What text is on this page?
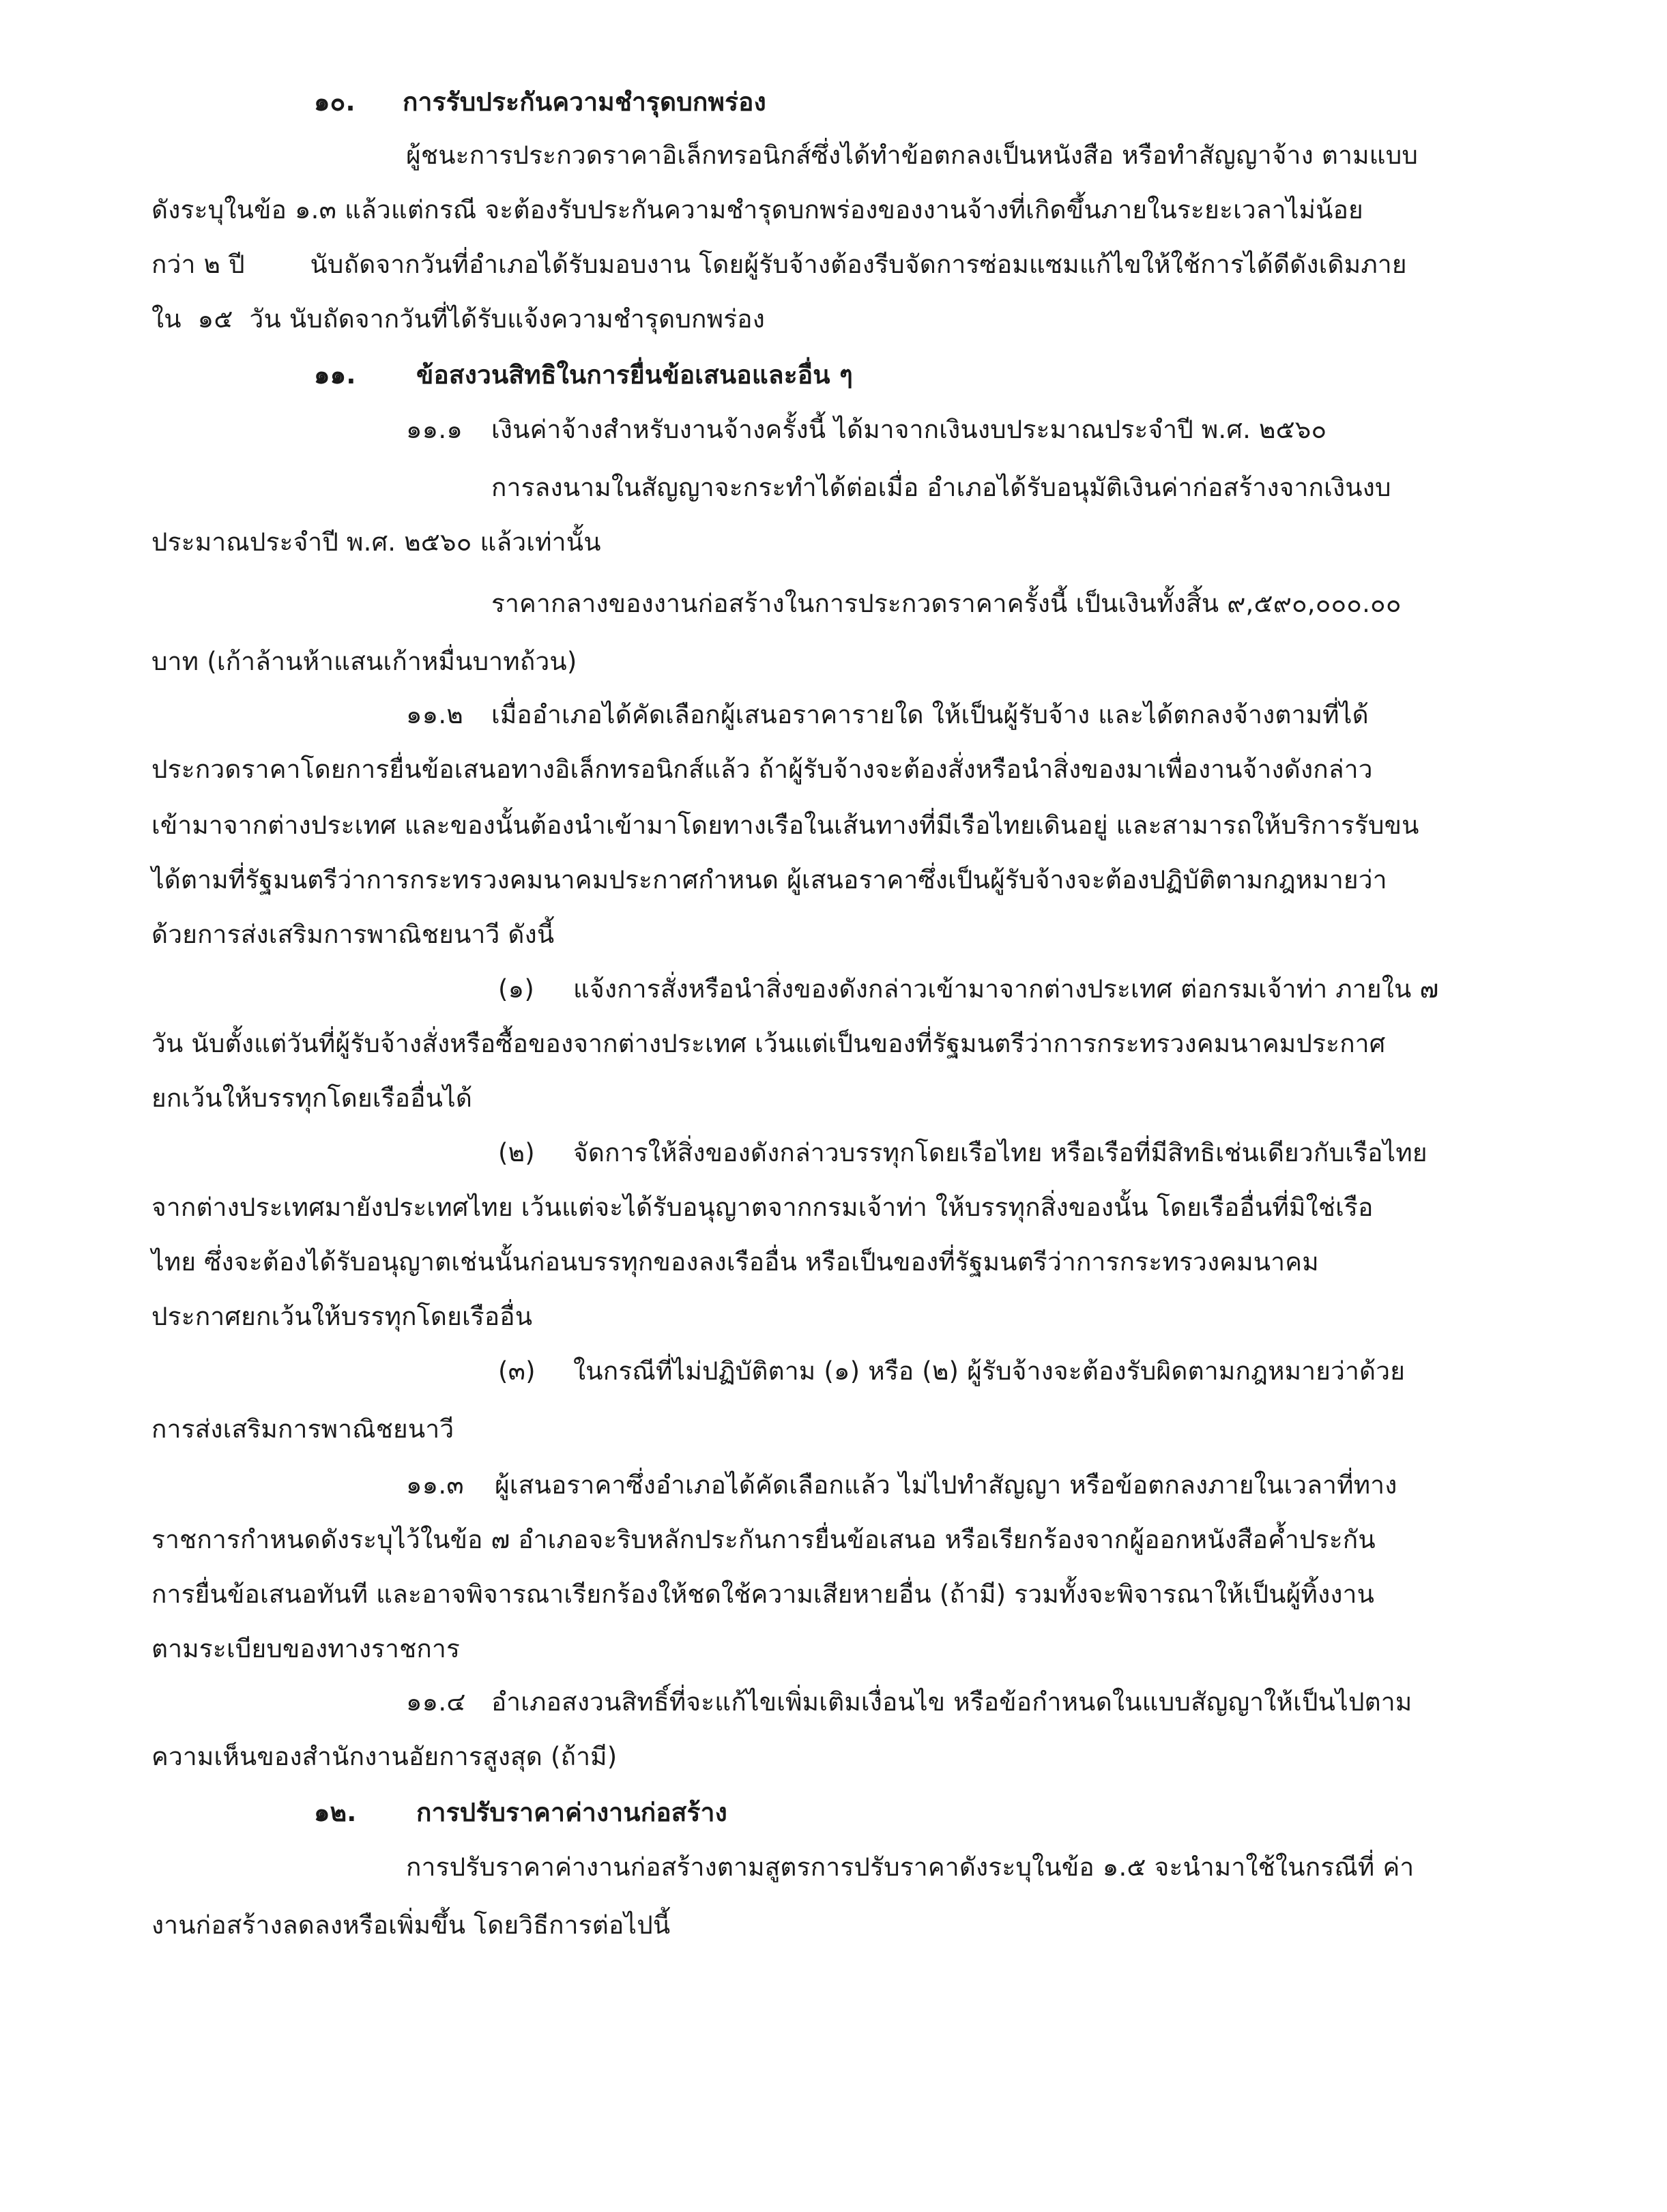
๑๐. การรับประกันความชำรุดบกพร่อง
ผู้ชนะการประกวดราคาอิเล็กทรอนิกส์ซึ่งได้ทำข้อตกลงเป็นหนังสือ หรือทำสัญญาจ้าง ตามแบบ
ดังระบุในข้อ ๑.๓ แล้วแต่กรณี จะต้องรับประกันความชำรุดบกพร่องของงานจ้างที่เกิดขึ้นภายในระยะเวลาไม่น้อย
กว่า ๒ ปี        นับถัดจากวันที่อำเภอได้รับมอบงาน โดยผู้รับจ้างต้องรีบจัดการซ่อมแซมแก้ไขให้ใช้การได้ดีดังเดิมภาย
ใน  ๑๕  วัน นับถัดจากวันที่ได้รับแจ้งความชำรุดบกพร่อง
๑๑. ข้อสงวนสิทธิในการยื่นข้อเสนอและอื่น ๆ
๑๑.๑ เงินค่าจ้างสำหรับงานจ้างครั้งนี้ ได้มาจากเงินงบประมาณประจำปี พ.ศ. ๒๕๖๐
การลงนามในสัญญาจะกระทำได้ต่อเมื่อ อำเภอได้รับอนุมัติเงินค่าก่อสร้างจากเงินงบ
ประมาณประจำปี พ.ศ. ๒๕๖๐ แล้วเท่านั้น
ราคากลางของงานก่อสร้างในการประกวดราคาครั้งนี้ เป็นเงินทั้งสิ้น ๙,๕๙๐,๐๐๐.๐๐
บาท (เก้าล้านห้าแสนเก้าหมื่นบาทถ้วน)
๑๑.๒ เมื่ออำเภอได้คัดเลือกผู้เสนอราคารายใด ให้เป็นผู้รับจ้าง และได้ตกลงจ้างตามที่ได้
ประกวดราคาโดยการยื่นข้อเสนอทางอิเล็กทรอนิกส์แล้ว ถ้าผู้รับจ้างจะต้องสั่งหรือนำสิ่งของมาเพื่องานจ้างดังกล่าว
เข้ามาจากต่างประเทศ และของนั้นต้องนำเข้ามาโดยทางเรือในเส้นทางที่มีเรือไทยเดินอยู่ และสามารถให้บริการรับขน
ได้ตามที่รัฐมนตรีว่าการกระทรวงคมนาคมประกาศกำหนด ผู้เสนอราคาซึ่งเป็นผู้รับจ้างจะต้องปฏิบัติตามกฎหมายว่า
ด้วยการส่งเสริมการพาณิชยนาวี ดังนี้
(๑) แจ้งการสั่งหรือนำสิ่งของดังกล่าวเข้ามาจากต่างประเทศ ต่อกรมเจ้าท่า ภายใน ๗
วัน นับตั้งแต่วันที่ผู้รับจ้างสั่งหรือซื้อของจากต่างประเทศ เว้นแต่เป็นของที่รัฐมนตรีว่าการกระทรวงคมนาคมประกาศ
ยกเว้นให้บรรทุกโดยเรืออื่นได้
(๒) จัดการให้สิ่งของดังกล่าวบรรทุกโดยเรือไทย หรือเรือที่มีสิทธิเช่นเดียวกับเรือไทย
จากต่างประเทศมายังประเทศไทย เว้นแต่จะได้รับอนุญาตจากกรมเจ้าท่า ให้บรรทุกสิ่งของนั้น โดยเรืออื่นที่มิใช่เรือ
ไทย ซึ่งจะต้องได้รับอนุญาตเช่นนั้นก่อนบรรทุกของลงเรืออื่น หรือเป็นของที่รัฐมนตรีว่าการกระทรวงคมนาคม
ประกาศยกเว้นให้บรรทุกโดยเรืออื่น
(๓) ในกรณีที่ไม่ปฏิบัติตาม (๑) หรือ (๒) ผู้รับจ้างจะต้องรับผิดตามกฎหมายว่าด้วย
การส่งเสริมการพาณิชยนาวี
๑๑.๓ ผู้เสนอราคาซึ่งอำเภอได้คัดเลือกแล้ว ไม่ไปทำสัญญา หรือข้อตกลงภายในเวลาที่ทาง
ราชการกำหนดดังระบุไว้ในข้อ ๗ อำเภอจะริบหลักประกันการยื่นข้อเสนอ หรือเรียกร้องจากผู้ออกหนังสือค้ำประกัน
การยื่นข้อเสนอทันที และอาจพิจารณาเรียกร้องให้ชดใช้ความเสียหายอื่น (ถ้ามี) รวมทั้งจะพิจารณาให้เป็นผู้ทิ้งงาน
ตามระเบียบของทางราชการ
๑๑.๔ อำเภอสงวนสิทธิ์ที่จะแก้ไขเพิ่มเติมเงื่อนไข หรือข้อกำหนดในแบบสัญญาให้เป็นไปตาม
ความเห็นของสำนักงานอัยการสูงสุด (ถ้ามี)
๑๒. การปรับราคาค่างานก่อสร้าง
การปรับราคาค่างานก่อสร้างตามสูตรการปรับราคาดังระบุในข้อ ๑.๕ จะนำมาใช้ในกรณีที่ ค่า
งานก่อสร้างลดลงหรือเพิ่มขึ้น โดยวิธีการต่อไปนี้
